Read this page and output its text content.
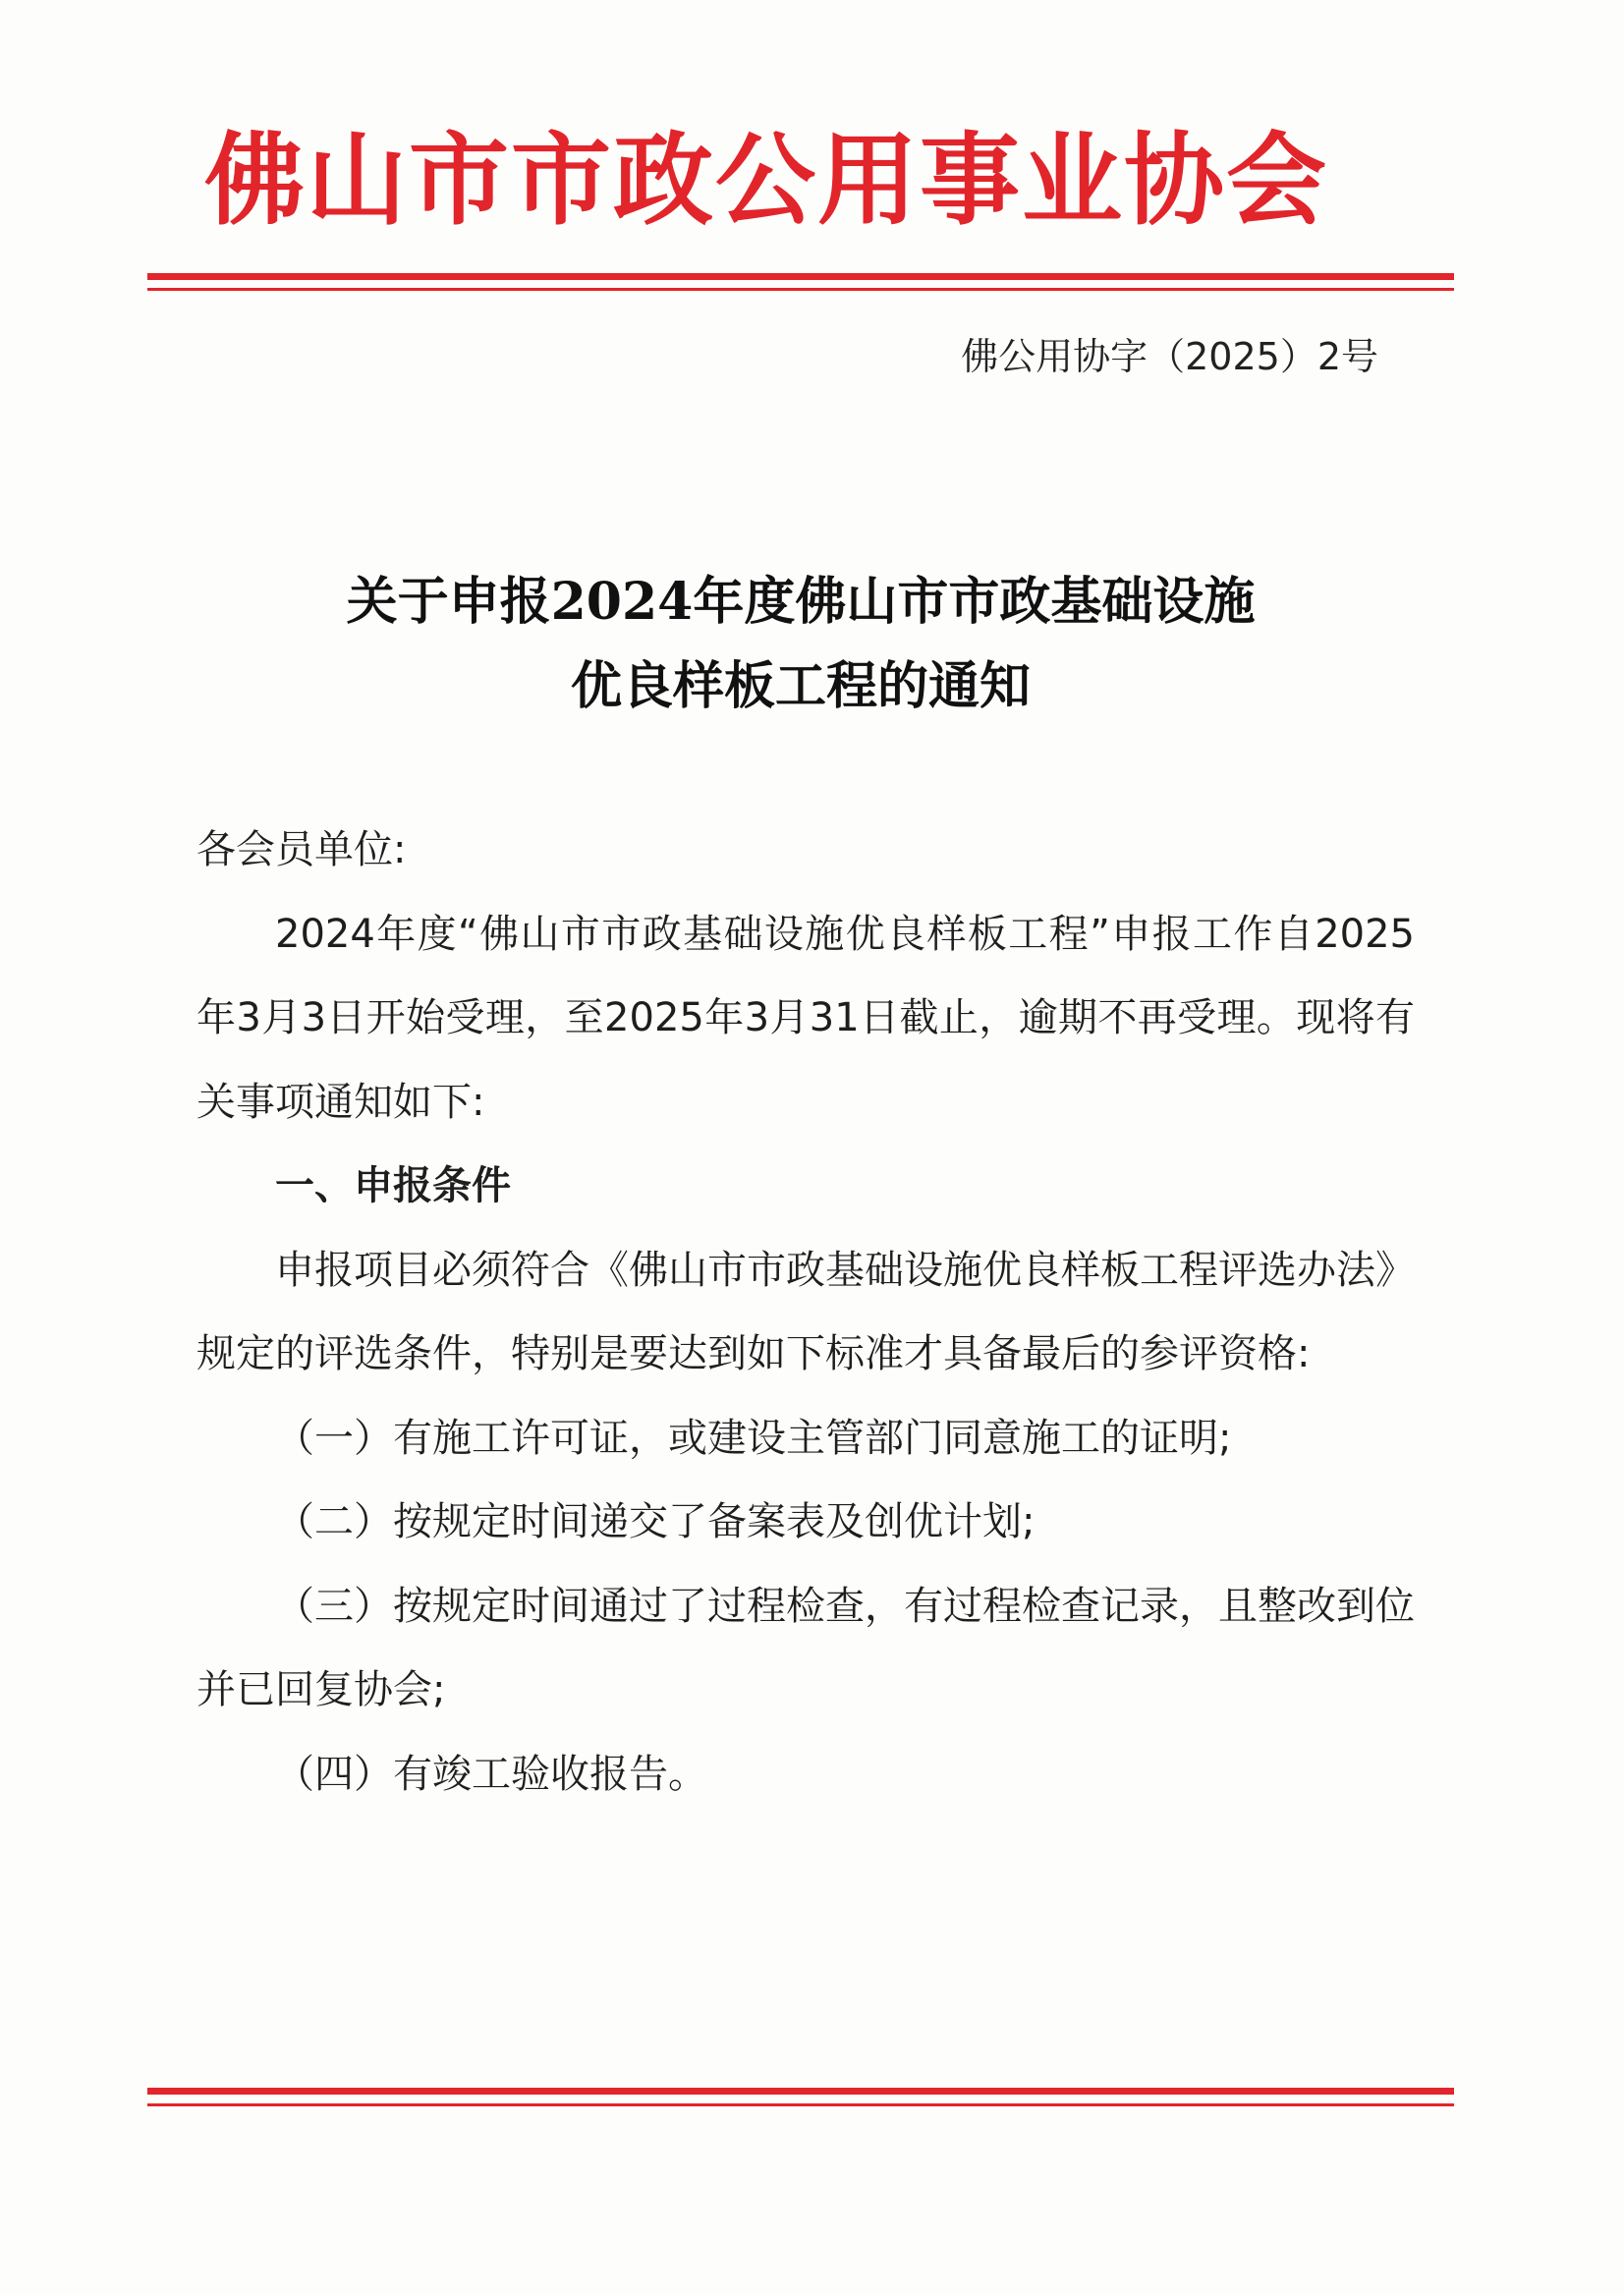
佛山市市政公用事业协会
佛公用协字（2025）2号
关于申报2024年度佛山市市政基础设施
优良样板工程的通知

各会员单位:

2024年度“佛山市市政基础设施优良样板工程”申报工作自2025年3月3日开始受理，至2025年3月31日截止，逾期不再受理。现将有关事项通知如下:

一、申报条件

申报项目必须符合《佛山市市政基础设施优良样板工程评选办法》规定的评选条件，特别是要达到如下标准才具备最后的参评资格:

（一）有施工许可证，或建设主管部门同意施工的证明;

（二）按规定时间递交了备案表及创优计划;

（三）按规定时间通过了过程检查，有过程检查记录，且整改到位并已回复协会;

（四）有竣工验收报告。
